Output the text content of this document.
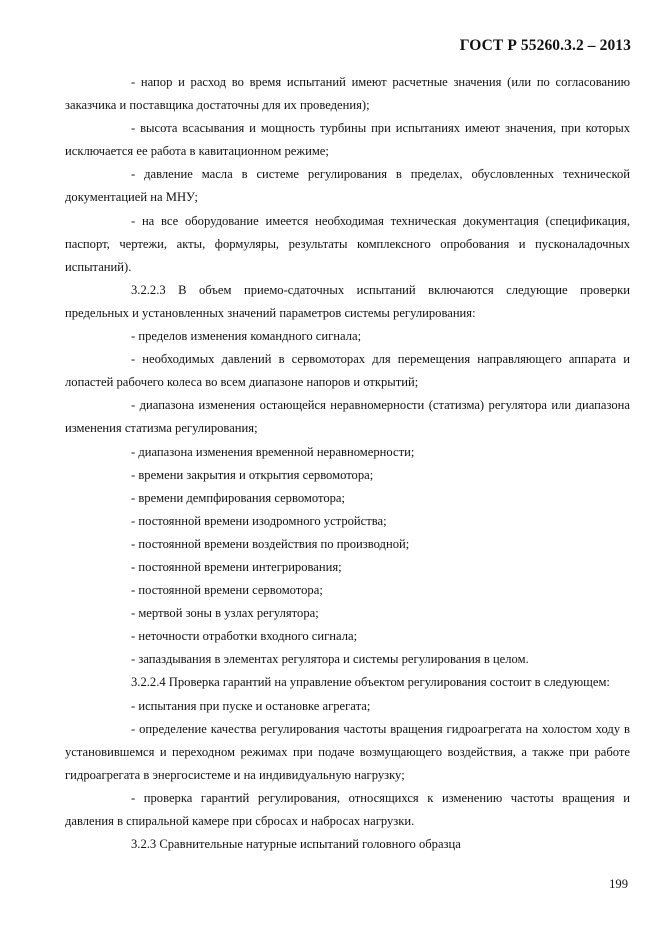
ГОСТ Р 55260.3.2 – 2013

- напор и расход во время испытаний имеют расчетные значения (или по согласованию заказчика и поставщика достаточны для их проведения);

- высота всасывания и мощность турбины при испытаниях имеют значения, при которых исключается ее работа в кавитационном режиме;

- давление масла в системе регулирования в пределах, обусловленных технической документацией на МНУ;

- на все оборудование имеется необходимая техническая документация (спецификация, паспорт, чертежи, акты, формуляры, результаты комплексного опробования и пусконаладочных испытаний).

3.2.2.3 В объем приемо-сдаточных испытаний включаются следующие проверки предельных и установленных значений параметров системы регулирования:

- пределов изменения командного сигнала;

- необходимых давлений в сервомоторах для перемещения направляющего аппарата и лопастей рабочего колеса во всем диапазоне напоров и открытий;

- диапазона изменения остающейся неравномерности (статизма) регулятора или диапазона изменения статизма регулирования;

- диапазона изменения временной неравномерности;

- времени закрытия и открытия сервомотора;

- времени демпфирования сервомотора;

- постоянной времени изодромного устройства;

- постоянной времени воздействия по производной;

- постоянной времени интегрирования;

- постоянной времени сервомотора;

- мертвой зоны в узлах регулятора;

- неточности отработки входного сигнала;

- запаздывания в элементах регулятора и системы регулирования в целом.

3.2.2.4 Проверка гарантий на управление объектом регулирования состоит в следующем:

- испытания при пуске и остановке агрегата;

- определение качества регулирования частоты вращения гидроагрегата на холостом ходу в установившемся и переходном режимах при подаче возмущающего воздействия, а также при работе гидроагрегата в энергосистеме и на индивидуальную нагрузку;

- проверка гарантий регулирования, относящихся к изменению частоты вращения и давления в спиральной камере при сбросах и набросах нагрузки.

3.2.3 Сравнительные натурные испытаний головного образца

199
